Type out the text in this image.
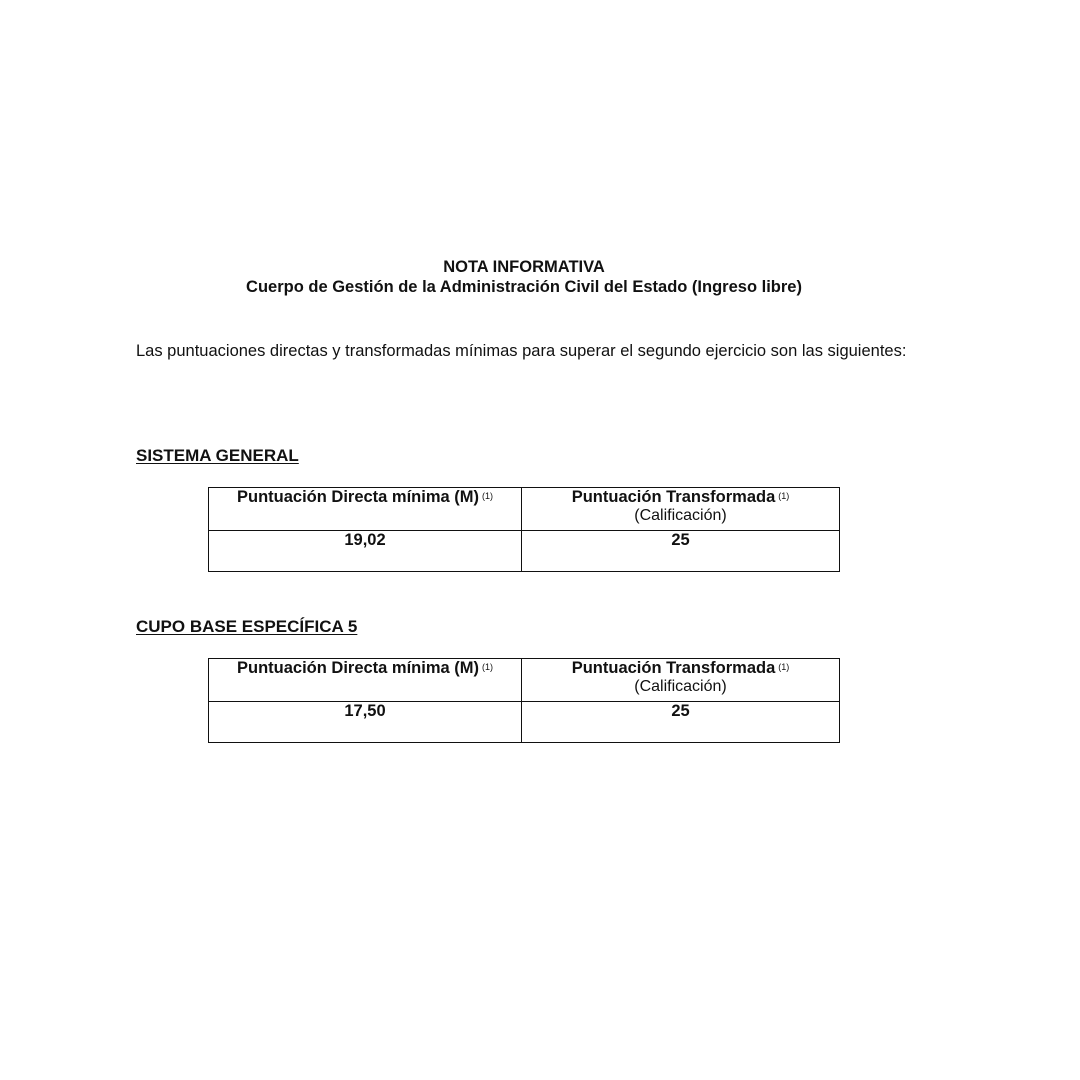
NOTA INFORMATIVA
Cuerpo de Gestión de la Administración Civil del Estado (Ingreso libre)
Las puntuaciones directas y transformadas mínimas para superar el segundo ejercicio son las siguientes:
SISTEMA GENERAL
Puntuación Directa mínima (M) $^{(1)}$	Puntuación Transformada $^{(1)}$
(Calificación)

19,02	25
CUPO BASE ESPECÍFICA 5
Puntuación Directa mínima (M) $^{(1)}$	Puntuación Transformada $^{(1)}$
(Calificación)

17,50	25
